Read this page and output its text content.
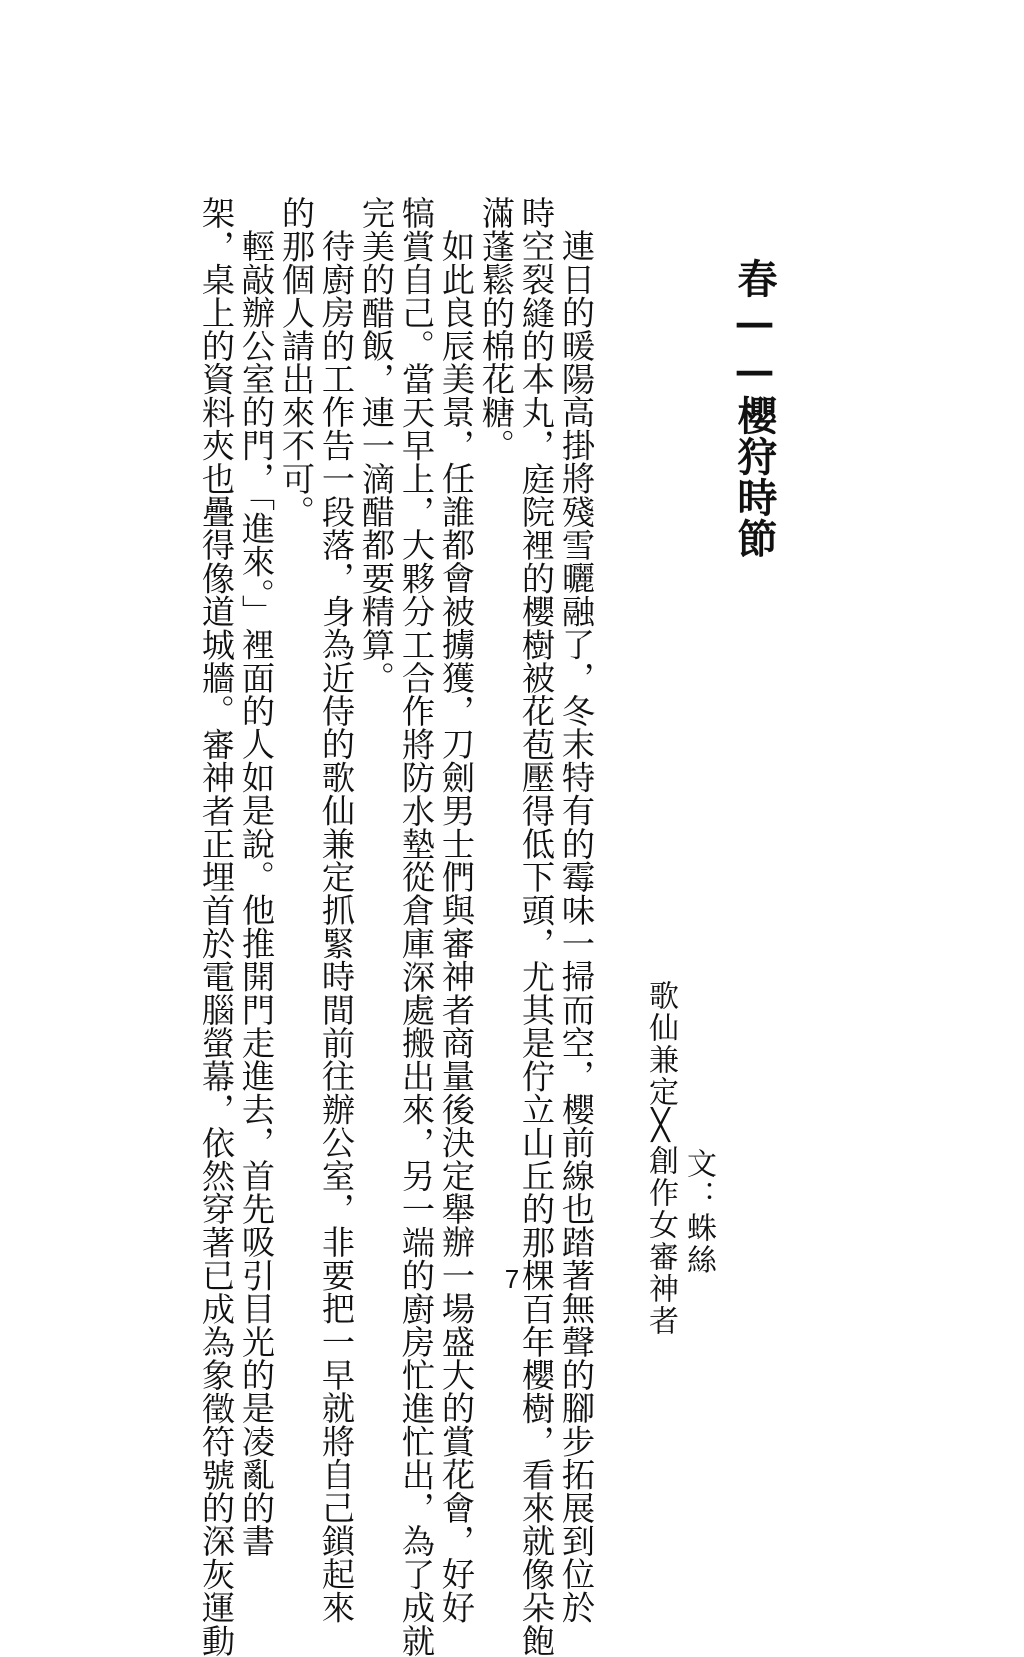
春——櫻狩時節
文：蛛絲
歌仙兼定╳創作女審神者
連日的暖陽高掛將殘雪曬融了，冬末特有的霉味一掃而空，櫻前線也踏著無聲的腳步拓展到位於
時空裂縫的本丸，庭院裡的櫻樹被花苞壓得低下頭，尤其是佇立山丘的那棵百年櫻樹，看來就像朵飽
滿蓬鬆的棉花糖。
如此良辰美景，任誰都會被擄獲，刀劍男士們與審神者商量後決定舉辦一場盛大的賞花會，好好
犒賞自己。當天早上，大夥分工合作將防水墊從倉庫深處搬出來，另一端的廚房忙進忙出，為了成就
完美的醋飯，連一滴醋都要精算。
待廚房的工作告一段落，身為近侍的歌仙兼定抓緊時間前往辦公室，非要把一早就將自己鎖起來
的那個人請出來不可。
輕敲辦公室的門，「進來。」裡面的人如是說。他推開門走進去，首先吸引目光的是凌亂的書
架，桌上的資料夾也疊得像道城牆。審神者正埋首於電腦螢幕，依然穿著已成為象徵符號的深灰運動	7
